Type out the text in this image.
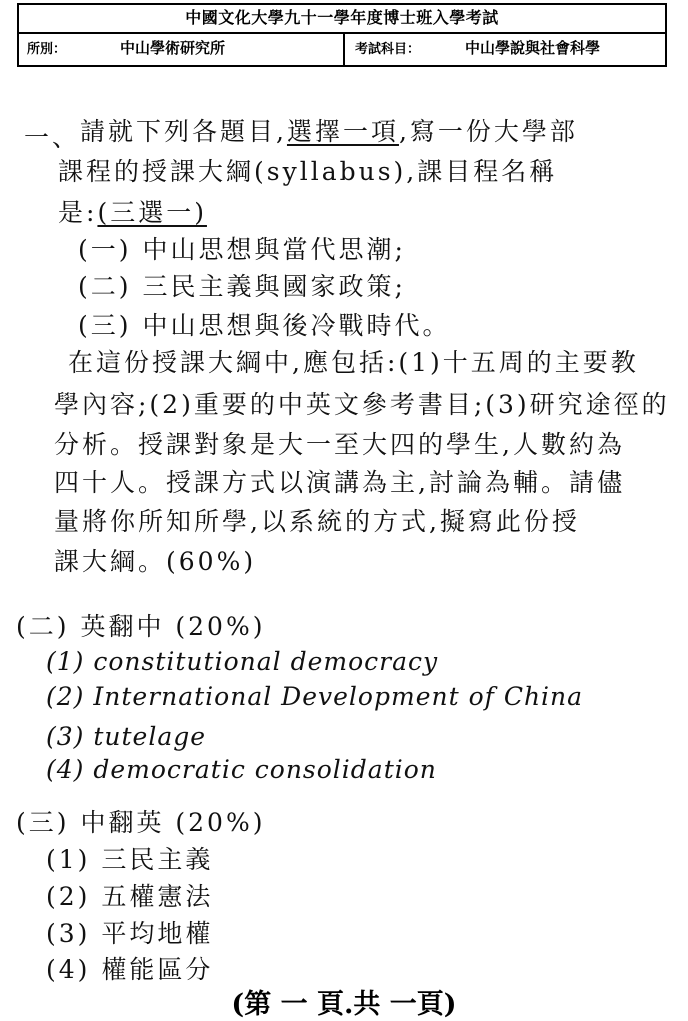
中國文化大學九十一學年度博士班入學考試
所別：	中山學術研究所	考試科目：	中山學說與社會科學
一、 請就下列各題目,選擇一項,寫一份大學部
課程的授課大綱(syllabus),課目程名稱
是:(三選一)
(一) 中山思想與當代思潮;
(二) 三民主義與國家政策;
(三) 中山思想與後冷戰時代。
在這份授課大綱中,應包括:(1)十五周的主要教
學內容;(2)重要的中英文參考書目;(3)研究途徑的
分析。授課對象是大一至大四的學生,人數約為
四十人。授課方式以演講為主,討論為輔。請儘
量將你所知所學,以系統的方式,擬寫此份授
課大綱。(60%)
(二) 英翻中 (20%)
(1) constitutional democracy
(2) International Development of China
(3) tutelage
(4) democratic consolidation
(三) 中翻英 (20%)
(1) 三民主義
(2) 五權憲法
(3) 平均地權
(4) 權能區分
(第 一 頁.共 一頁)
